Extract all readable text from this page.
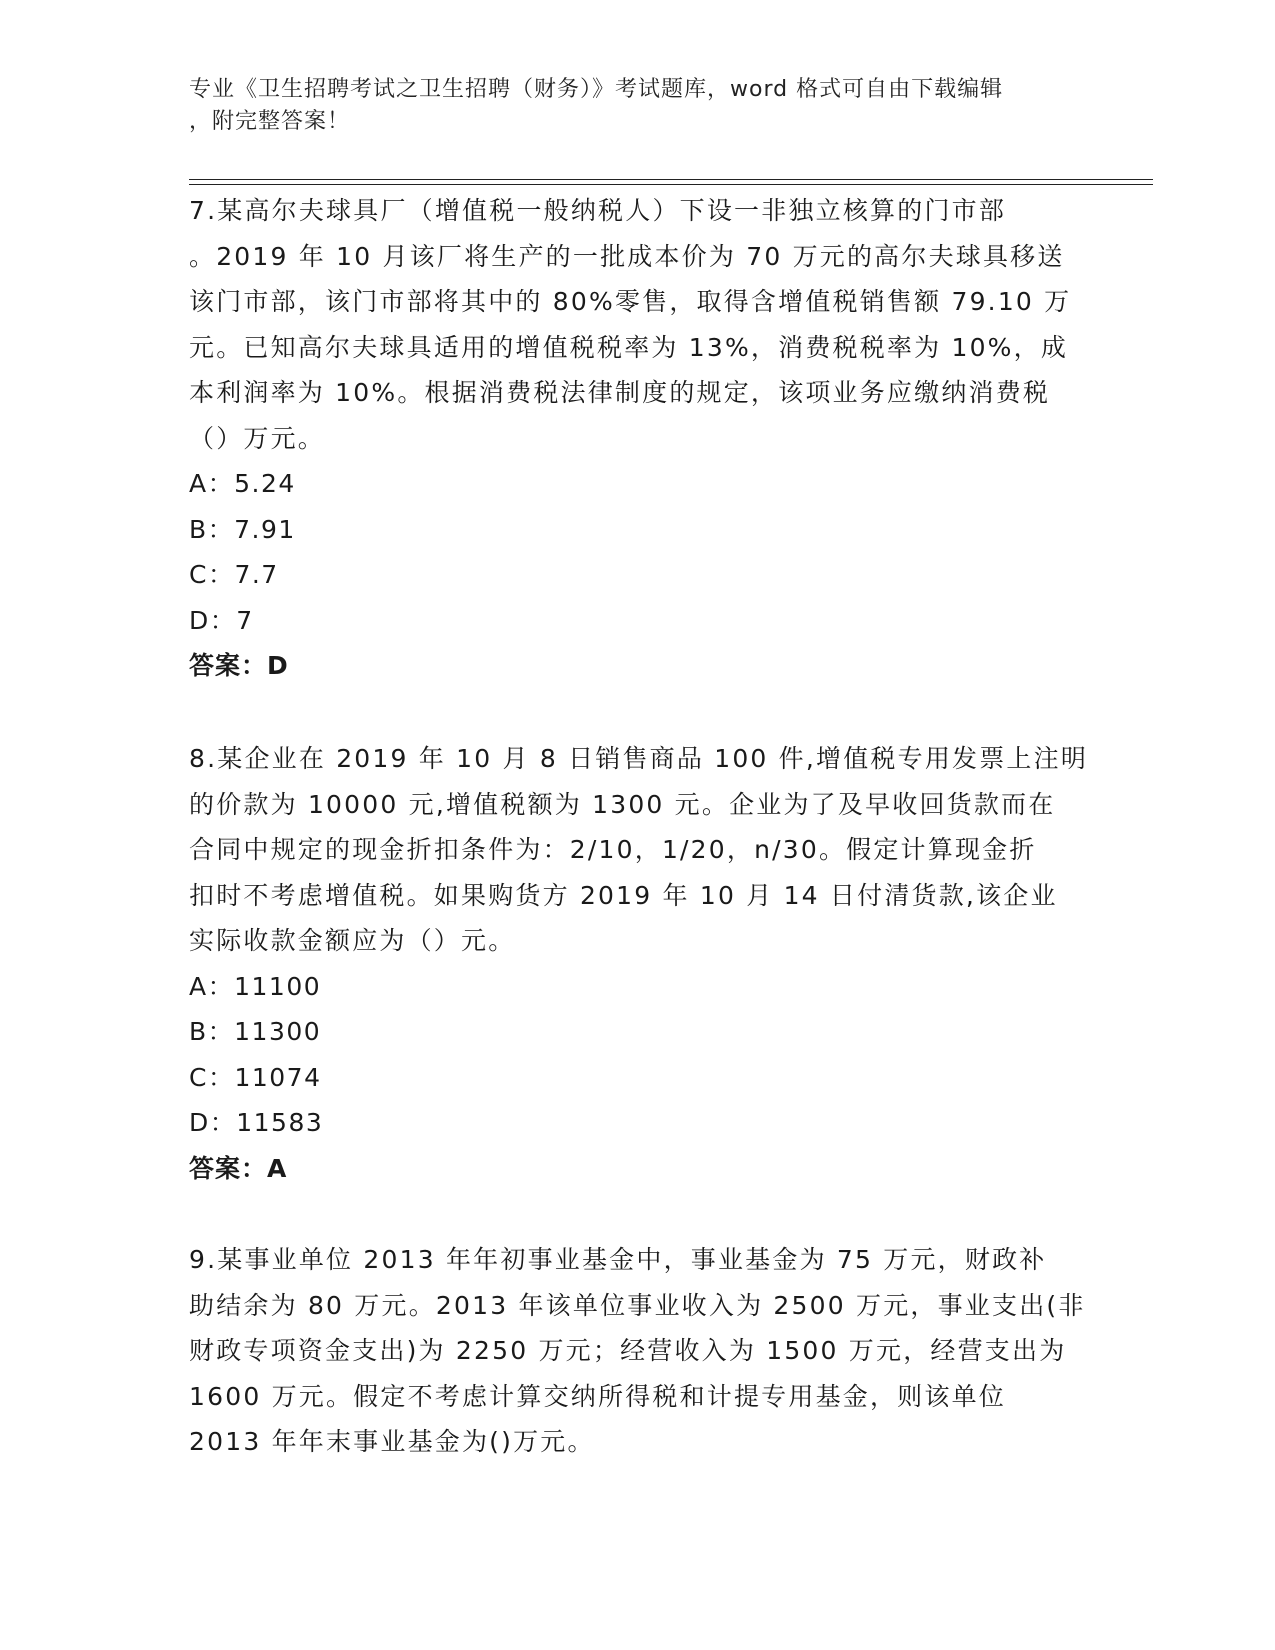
专业《卫生招聘考试之卫生招聘（财务）》考试题库，word 格式可自由下载编辑
，附完整答案！
7.某高尔夫球具厂（增值税一般纳税人）下设一非独立核算的门市部
。2019 年 10 月该厂将生产的一批成本价为 70 万元的高尔夫球具移送
该门市部，该门市部将其中的 80%零售，取得含增值税销售额 79.10 万
元。已知高尔夫球具适用的增值税税率为 13%，消费税税率为 10%，成
本利润率为 10%。根据消费税法律制度的规定，该项业务应缴纳消费税
（）万元。
A：5.24
B：7.91
C：7.7
D：7
答案：D
8.某企业在 2019 年 10 月 8 日销售商品 100 件,增值税专用发票上注明
的价款为 10000 元,增值税额为 1300 元。企业为了及早收回货款而在
合同中规定的现金折扣条件为：2/10，1/20，n/30。假定计算现金折
扣时不考虑增值税。如果购货方 2019 年 10 月 14 日付清货款,该企业
实际收款金额应为（）元。
A：11100
B：11300
C：11074
D：11583
答案：A
9.某事业单位 2013 年年初事业基金中，事业基金为 75 万元，财政补
助结余为 80 万元。2013 年该单位事业收入为 2500 万元，事业支出(非
财政专项资金支出)为 2250 万元；经营收入为 1500 万元，经营支出为
1600 万元。假定不考虑计算交纳所得税和计提专用基金，则该单位
2013 年年末事业基金为()万元。
